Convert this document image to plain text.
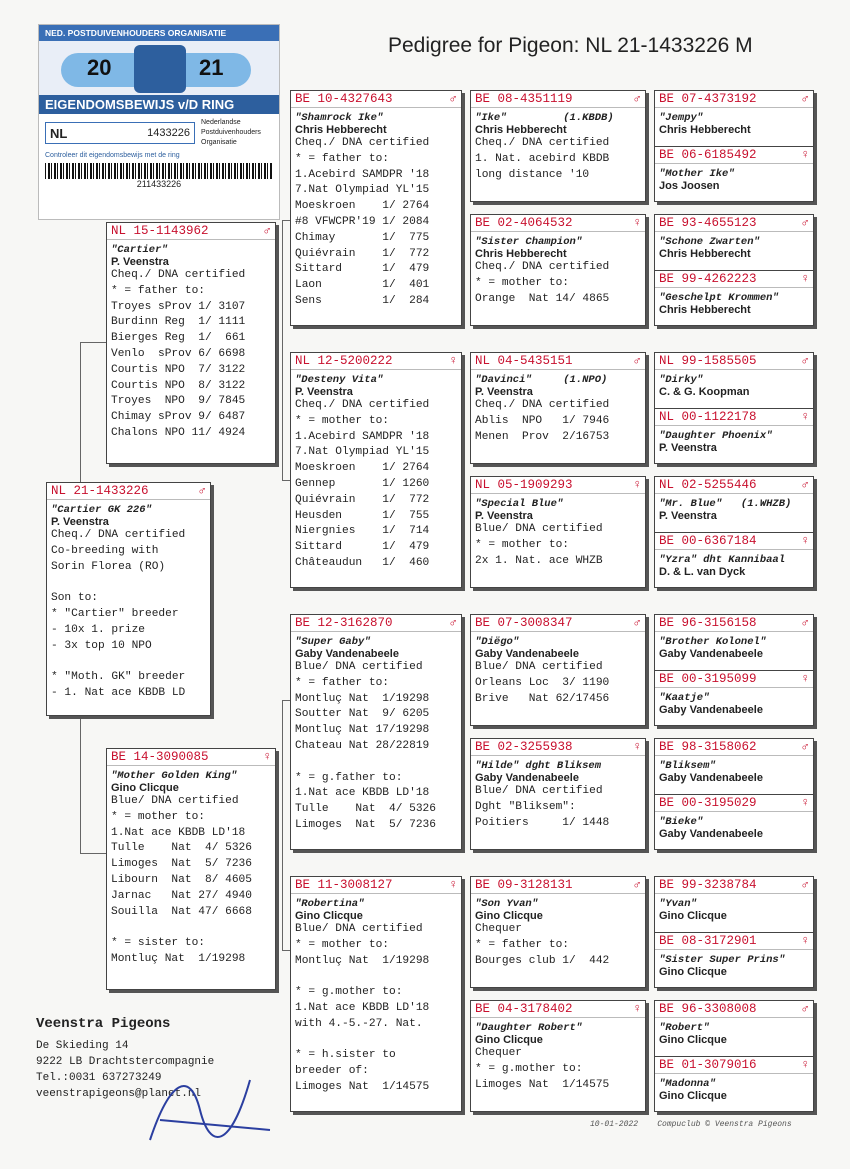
Pedigree for Pigeon: NL 21-1433226 M
NED. POSTDUIVENHOUDERS ORGANISATIE
20	21
EIGENDOMSBEWIJS v/D RING
NL	1433226
Nederlandse
Postduivenhouders
Organisatie
Controleer dit eigendomsbewijs met de ring
211433226
NL 21-1433226	♂
"Cartier GK 226"
P. Veenstra
Cheq./ DNA certified
Co-breeding with
Sorin Florea (RO)

Son to:
* "Cartier" breeder
- 10x 1. prize
- 3x top 10 NPO

* "Moth. GK" breeder
- 1. Nat ace KBDB LD
NL 15-1143962	♂
"Cartier"
P. Veenstra
Cheq./ DNA certified
* = father to:
Troyes sProv 1/ 3107
Burdinn Reg  1/ 1111
Bierges Reg  1/  661
Venlo  sProv 6/ 6698
Courtis NPO  7/ 3122
Courtis NPO  8/ 3122
Troyes  NPO  9/ 7845
Chimay sProv 9/ 6487
Chalons NPO 11/ 4924
BE 14-3090085	♀
"Mother Golden King"
Gino Clicque
Blue/ DNA certified
* = mother to:
1.Nat ace KBDB LD'18
Tulle    Nat  4/ 5326
Limoges  Nat  5/ 7236
Libourn  Nat  8/ 4605
Jarnac   Nat 27/ 4940
Souilla  Nat 47/ 6668

* = sister to:
Montluç Nat  1/19298
BE 10-4327643	♂
"Shamrock Ike"
Chris Hebberecht
Cheq./ DNA certified
* = father to:
1.Acebird SAMDPR '18
7.Nat Olympiad YL'15
Moeskroen    1/ 2764
#8 VFWCPR'19 1/ 2084
Chimay       1/  775
Quiévrain    1/  772
Sittard      1/  479
Laon         1/  401
Sens         1/  284
NL 12-5200222	♀
"Desteny Vita"
P. Veenstra
Cheq./ DNA certified
* = mother to:
1.Acebird SAMDPR '18
7.Nat Olympiad YL'15
Moeskroen    1/ 2764
Gennep       1/ 1260
Quiévrain    1/  772
Heusden      1/  755
Niergnies    1/  714
Sittard      1/  479
Châteaudun   1/  460
BE 12-3162870	♂
"Super Gaby"
Gaby Vandenabeele
Blue/ DNA certified
* = father to:
Montluç Nat  1/19298
Soutter Nat  9/ 6205
Montluç Nat 17/19298
Chateau Nat 28/22819

* = g.father to:
1.Nat ace KBDB LD'18
Tulle    Nat  4/ 5326
Limoges  Nat  5/ 7236
BE 11-3008127	♀
"Robertina"
Gino Clicque
Blue/ DNA certified
* = mother to:
Montluç Nat  1/19298

* = g.mother to:
1.Nat ace KBDB LD'18
with 4.-5.-27. Nat.

* = h.sister to
breeder of:
Limoges Nat  1/14575
BE 08-4351119	♂
"Ike"         (1.KBDB)
Chris Hebberecht
Cheq./ DNA certified
1. Nat. acebird KBDB
long distance '10
BE 02-4064532	♀
"Sister Champion"
Chris Hebberecht
Cheq./ DNA certified
* = mother to:
Orange  Nat 14/ 4865
NL 04-5435151	♂
"Davinci"     (1.NPO)
P. Veenstra
Cheq./ DNA certified
Ablis  NPO   1/ 7946
Menen  Prov  2/16753
NL 05-1909293	♀
"Special Blue"
P. Veenstra
Blue/ DNA certified
* = mother to:
2x 1. Nat. ace WHZB
BE 07-3008347	♂
"Diëgo"
Gaby Vandenabeele
Blue/ DNA certified
Orleans Loc  3/ 1190
Brive   Nat 62/17456
BE 02-3255938	♀
"Hilde" dght Bliksem
Gaby Vandenabeele
Blue/ DNA certified
Dght "Bliksem":
Poitiers     1/ 1448
BE 09-3128131	♂
"Son Yvan"
Gino Clicque
Chequer
* = father to:
Bourges club 1/  442
BE 04-3178402	♀
"Daughter Robert"
Gino Clicque
Chequer
* = g.mother to:
Limoges Nat  1/14575
BE 07-4373192	♂
"Jempy"
Chris Hebberecht
BE 06-6185492	♀
"Mother Ike"
Jos Joosen
BE 93-4655123	♂
"Schone Zwarten"
Chris Hebberecht
BE 99-4262223	♀
"Geschelpt Krommen"
Chris Hebberecht
NL 99-1585505	♂
"Dirky"
C. & G. Koopman
NL 00-1122178	♀
"Daughter Phoenix"
P. Veenstra
NL 02-5255446	♂
"Mr. Blue"   (1.WHZB)
P. Veenstra
BE 00-6367184	♀
"Yzra" dht Kannibaal
D. & L. van Dyck
BE 96-3156158	♂
"Brother Kolonel"
Gaby Vandenabeele
BE 00-3195099	♀
"Kaatje"
Gaby Vandenabeele
BE 98-3158062	♂
"Bliksem"
Gaby Vandenabeele
BE 00-3195029	♀
"Bieke"
Gaby Vandenabeele
BE 99-3238784	♂
"Yvan"
Gino Clicque
BE 08-3172901	♀
"Sister Super Prins"
Gino Clicque
BE 96-3308008	♂
"Robert"
Gino Clicque
BE 01-3079016	♀
"Madonna"
Gino Clicque
Veenstra Pigeons
De Skieding 14
9222 LB Drachtstercompagnie
Tel.:0031 637273249
veenstrapigeons@planet.nl
10-01-2022 Compuclub © Veenstra Pigeons
